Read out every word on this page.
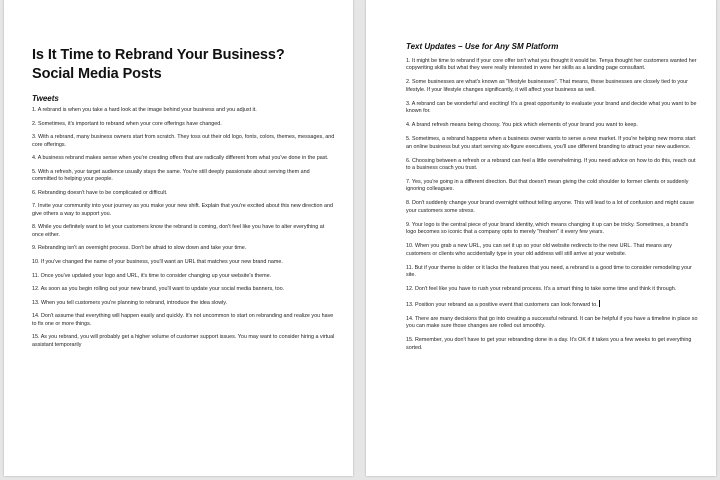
Is It Time to Rebrand Your Business?
Social Media Posts
Tweets

1. A rebrand is when you take a hard look at the image behind your business and you adjust it.

2. Sometimes, it's important to rebrand when your core offerings have changed.

3. With a rebrand, many business owners start from scratch. They toss out their old logo, fonts, colors, themes, messages, and core offerings.

4. A business rebrand makes sense when you're creating offers that are radically different from what you've done in the past.

5. With a refresh, your target audience usually stays the same. You're still deeply passionate about serving them and committed to helping your people.

6. Rebranding doesn't have to be complicated or difficult.

7. Invite your community into your journey as you make your new shift. Explain that you're excited about this new direction and give others a way to support you.

8. While you definitely want to let your customers know the rebrand is coming, don't feel like you have to alter everything at once either.

9. Rebranding isn't an overnight process. Don't be afraid to slow down and take your time.

10. If you've changed the name of your business, you'll want an URL that matches your new brand name.

11. Once you've updated your logo and URL, it's time to consider changing up your website's theme.

12. As soon as you begin rolling out your new brand, you'll want to update your social media banners, too.

13. When you tell customers you're planning to rebrand, introduce the idea slowly.

14. Don't assume that everything will happen easily and quickly. It's not uncommon to start on rebranding and realize you have to fix one or more things.

15. As you rebrand, you will probably get a higher volume of customer support issues. You may want to consider hiring a virtual assistant temporarily

Text Updates – Use for Any SM Platform

1. It might be time to rebrand if your core offer isn't what you thought it would be. Tenya thought her customers wanted her copywriting skills but what they were really interested in were her skills as a landing page consultant.

2. Some businesses are what's known as "lifestyle businesses". That means, these businesses are closely tied to your lifestyle. If your lifestyle changes significantly, it will affect your business as well.

3. A rebrand can be wonderful and exciting! It's a great opportunity to evaluate your brand and decide what you want to be known for.

4. A brand refresh means being choosy. You pick which elements of your brand you want to keep.

5. Sometimes, a rebrand happens when a business owner wants to serve a new market. If you're helping new moms start an online business but you start serving six-figure executives, you'll use different branding to attract your new audience.

6. Choosing between a refresh or a rebrand can feel a little overwhelming. If you need advice on how to do this, reach out to a business coach you trust.

7. Yes, you're going in a different direction. But that doesn't mean giving the cold shoulder to former clients or suddenly ignoring colleagues.

8. Don't suddenly change your brand overnight without telling anyone. This will lead to a lot of confusion and might cause your customers some stress.

9. Your logo is the central piece of your brand identity, which means changing it up can be tricky. Sometimes, a brand's logo becomes so iconic that a company opts to merely "freshen" it every few years.

10. When you grab a new URL, you can set it up so your old website redirects to the new URL. That means any customers or clients who accidentally type in your old address will still arrive at your website.

11. But if your theme is older or it lacks the features that you need, a rebrand is a good time to consider remodeling your site.

12. Don't feel like you have to rush your rebrand process. It's a smart thing to take some time and think it through.

13. Position your rebrand as a positive event that customers can look forward to.

14. There are many decisions that go into creating a successful rebrand. It can be helpful if you have a timeline in place so you can make sure those changes are rolled out smoothly.

15. Remember, you don't have to get your rebranding done in a day. It's OK if it takes you a few weeks to get everything sorted.
